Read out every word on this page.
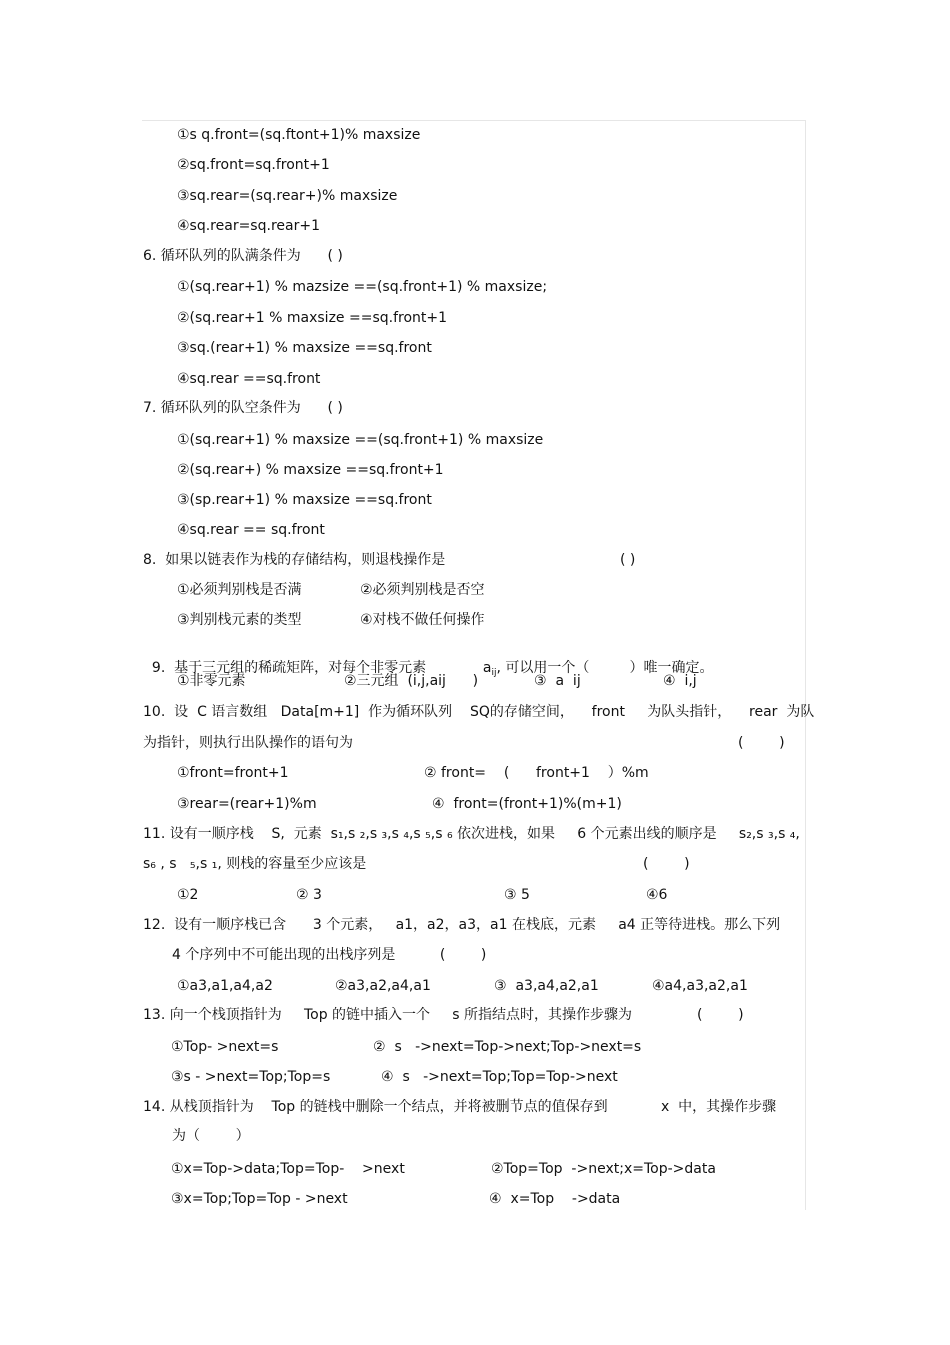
①s q.front=(sq.ftont+1)% maxsize
②sq.front=sq.front+1
③sq.rear=(sq.rear+)% maxsize
④sq.rear=sq.rear+1
6. 循环队列的队满条件为      ( )
①(sq.rear+1) % mazsize ==(sq.front+1) % maxsize;
②(sq.rear+1 % maxsize ==sq.front+1
③sq.(rear+1) % maxsize ==sq.front
④sq.rear ==sq.front
7. 循环队列的队空条件为      ( )
①(sq.rear+1) % maxsize ==(sq.front+1) % maxsize
②(sq.rear+) % maxsize ==sq.front+1
③(sp.rear+1) % maxsize ==sq.front
④sq.rear == sq.front
8.  如果以链表作为栈的存储结构，则退栈操作是	( )
①必须判别栈是否满	②必须判别栈是否空
③判别栈元素的类型	④对栈不做任何操作

9.  基于三元组的稀疏矩阵，对每个非零元素	$a_{ij}$, 可以用一个（         ）唯一确定。

①非零元素	②三元组  (i,j,aij      )	③  a  ij	④  i,j
10.  设  C 语言数组   Data[m+1]  作为循环队列    SQ的存储空间，    front     为队头指针，    rear  为队
为指针，则执行出队操作的语句为	(        )
①front=front+1	② front=    (      front+1    ）%m
③rear=(rear+1)%m	④  front=(front+1)%(m+1)
11. 设有一顺序栈    S,  元素  s₁,s ₂,s ₃,s ₄,s ₅,s ₆ 依次进栈，如果     6 个元素出线的顺序是     s₂,s ₃,s ₄,
s₆ , s   ₅,s ₁, 则栈的容量至少应该是	(        )
①2	② 3	③ 5	④6
12.  设有一顺序栈已含      3 个元素，   a1，a2，a3，a1 在栈底，元素     a4 正等待进栈。那么下列
4 个序列中不可能出现的出栈序列是          (        )
①a3,a1,a4,a2	②a3,a2,a4,a1	③  a3,a4,a2,a1	④a4,a3,a2,a1
13. 向一个栈顶指针为     Top 的链中插入一个     s 所指结点时，其操作步骤为	(        )
①Top- >next=s	②  s   ->next=Top->next;Top->next=s
③s - >next=Top;Top=s	④  s   ->next=Top;Top=Top->next
14. 从栈顶指针为    Top 的链栈中删除一个结点，并将被删节点的值保存到            x  中，其操作步骤
为（        ）
①x=Top->data;Top=Top-    >next	②Top=Top  ->next;x=Top->data
③x=Top;Top=Top - >next	④  x=Top    ->data
